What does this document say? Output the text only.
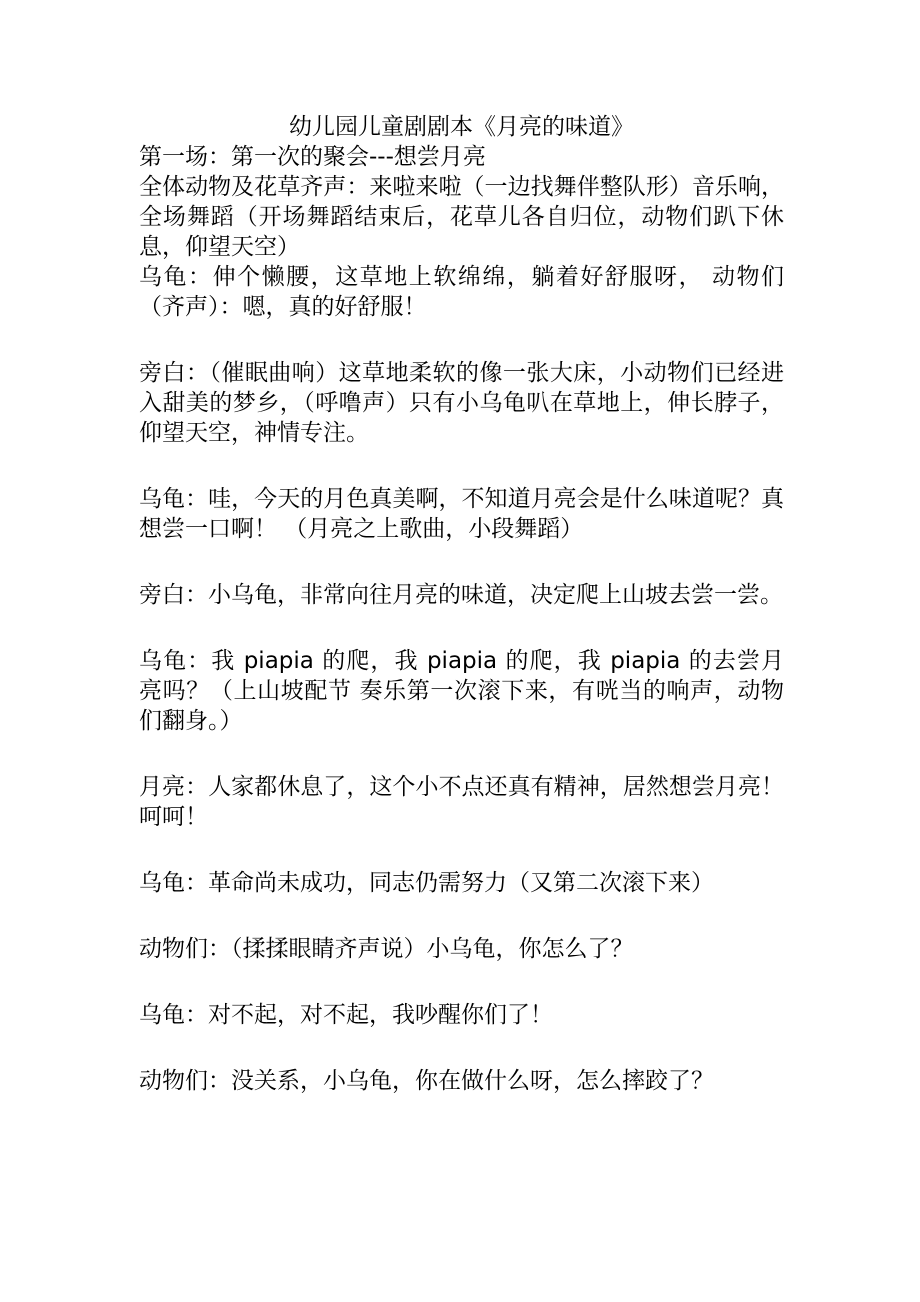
幼儿园儿童剧剧本《月亮的味道》

第一场：第一次的聚会---想尝月亮

全体动物及花草齐声：来啦来啦（一边找舞伴整队形）音乐响，全场舞蹈（开场舞蹈结束后，花草儿各自归位，动物们趴下休息，仰望天空）

乌龟：伸个懒腰，这草地上软绵绵，躺着好舒服呀， 动物们（齐声）：嗯，真的好舒服！

旁白：（催眠曲响）这草地柔软的像一张大床，小动物们已经进入甜美的梦乡，（呼噜声）只有小乌龟叭在草地上，伸长脖子，仰望天空，神情专注。

乌龟：哇，今天的月色真美啊，不知道月亮会是什么味道呢？真想尝一口啊！ （月亮之上歌曲，小段舞蹈）

旁白：小乌龟，非常向往月亮的味道，决定爬上山坡去尝一尝。

乌龟：我 piapia 的爬，我 piapia 的爬，我 piapia 的去尝月亮吗？（上山坡配节 奏乐第一次滚下来，有咣当的响声，动物们翻身。）

月亮：人家都休息了，这个小不点还真有精神，居然想尝月亮！呵呵！

乌龟：革命尚未成功，同志仍需努力（又第二次滚下来）

动物们：（揉揉眼睛齐声说）小乌龟，你怎么了？

乌龟：对不起，对不起，我吵醒你们了！

动物们：没关系，小乌龟，你在做什么呀，怎么摔跤了？
